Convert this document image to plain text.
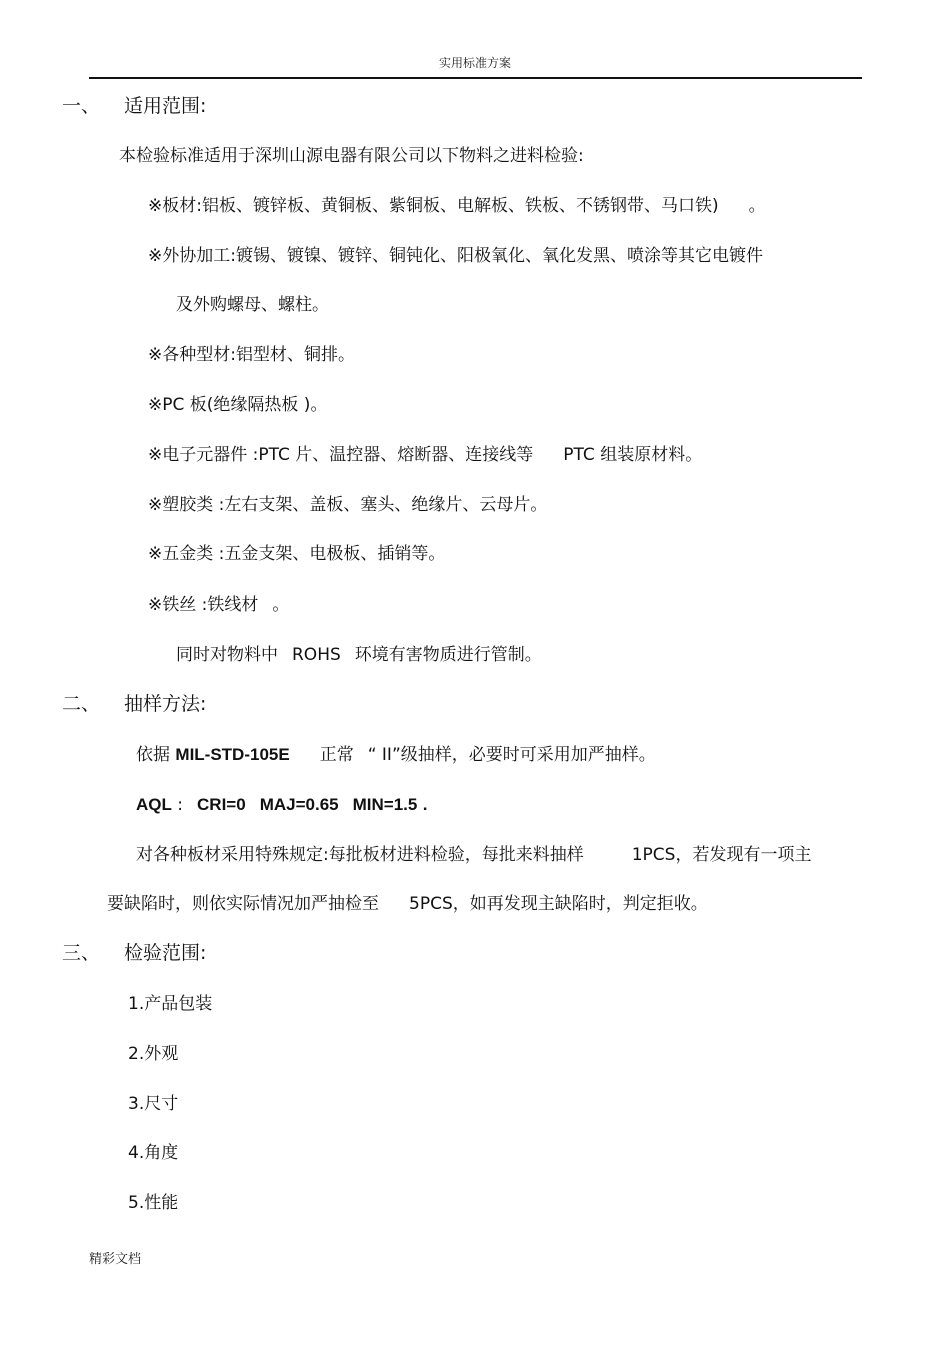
实用标准方案
一、 适用范围:
本检验标准适用于深圳山源电器有限公司以下物料之进料检验:
※板材:铝板、镀锌板、黄铜板、紫铜板、电解板、铁板、不锈钢带、马口铁) 。
※外协加工:镀锡、镀镍、镀锌、铜钝化、阳极氧化、氧化发黑、喷涂等其它电镀件
及外购螺母、螺柱。
※各种型材:铝型材、铜排。
※PC 板(绝缘隔热板 )。
※电子元器件 :PTC 片、温控器、熔断器、连接线等 PTC 组装原材料。
※塑胶类 :左右支架、盖板、塞头、绝缘片、云母片。
※五金类 :五金支架、电极板、插销等。
※铁丝 :铁线材 。
同时对物料中 ROHS 环境有害物质进行管制。
二、 抽样方法:
依据 MIL-STD-105E 正常 “ II”级抽样，必要时可采用加严抽样。
AQL : CRI=0 MAJ=0.65 MIN=1.5 .
对各种板材采用特殊规定:每批板材进料检验，每批来料抽样	1PCS，若发现有一项主
要缺陷时，则依实际情况加严抽检至 5PCS，如再发现主缺陷时，判定拒收。
三、 检验范围:
1.产品包装
2.外观
3.尺寸
4.角度
5.性能
精彩文档
